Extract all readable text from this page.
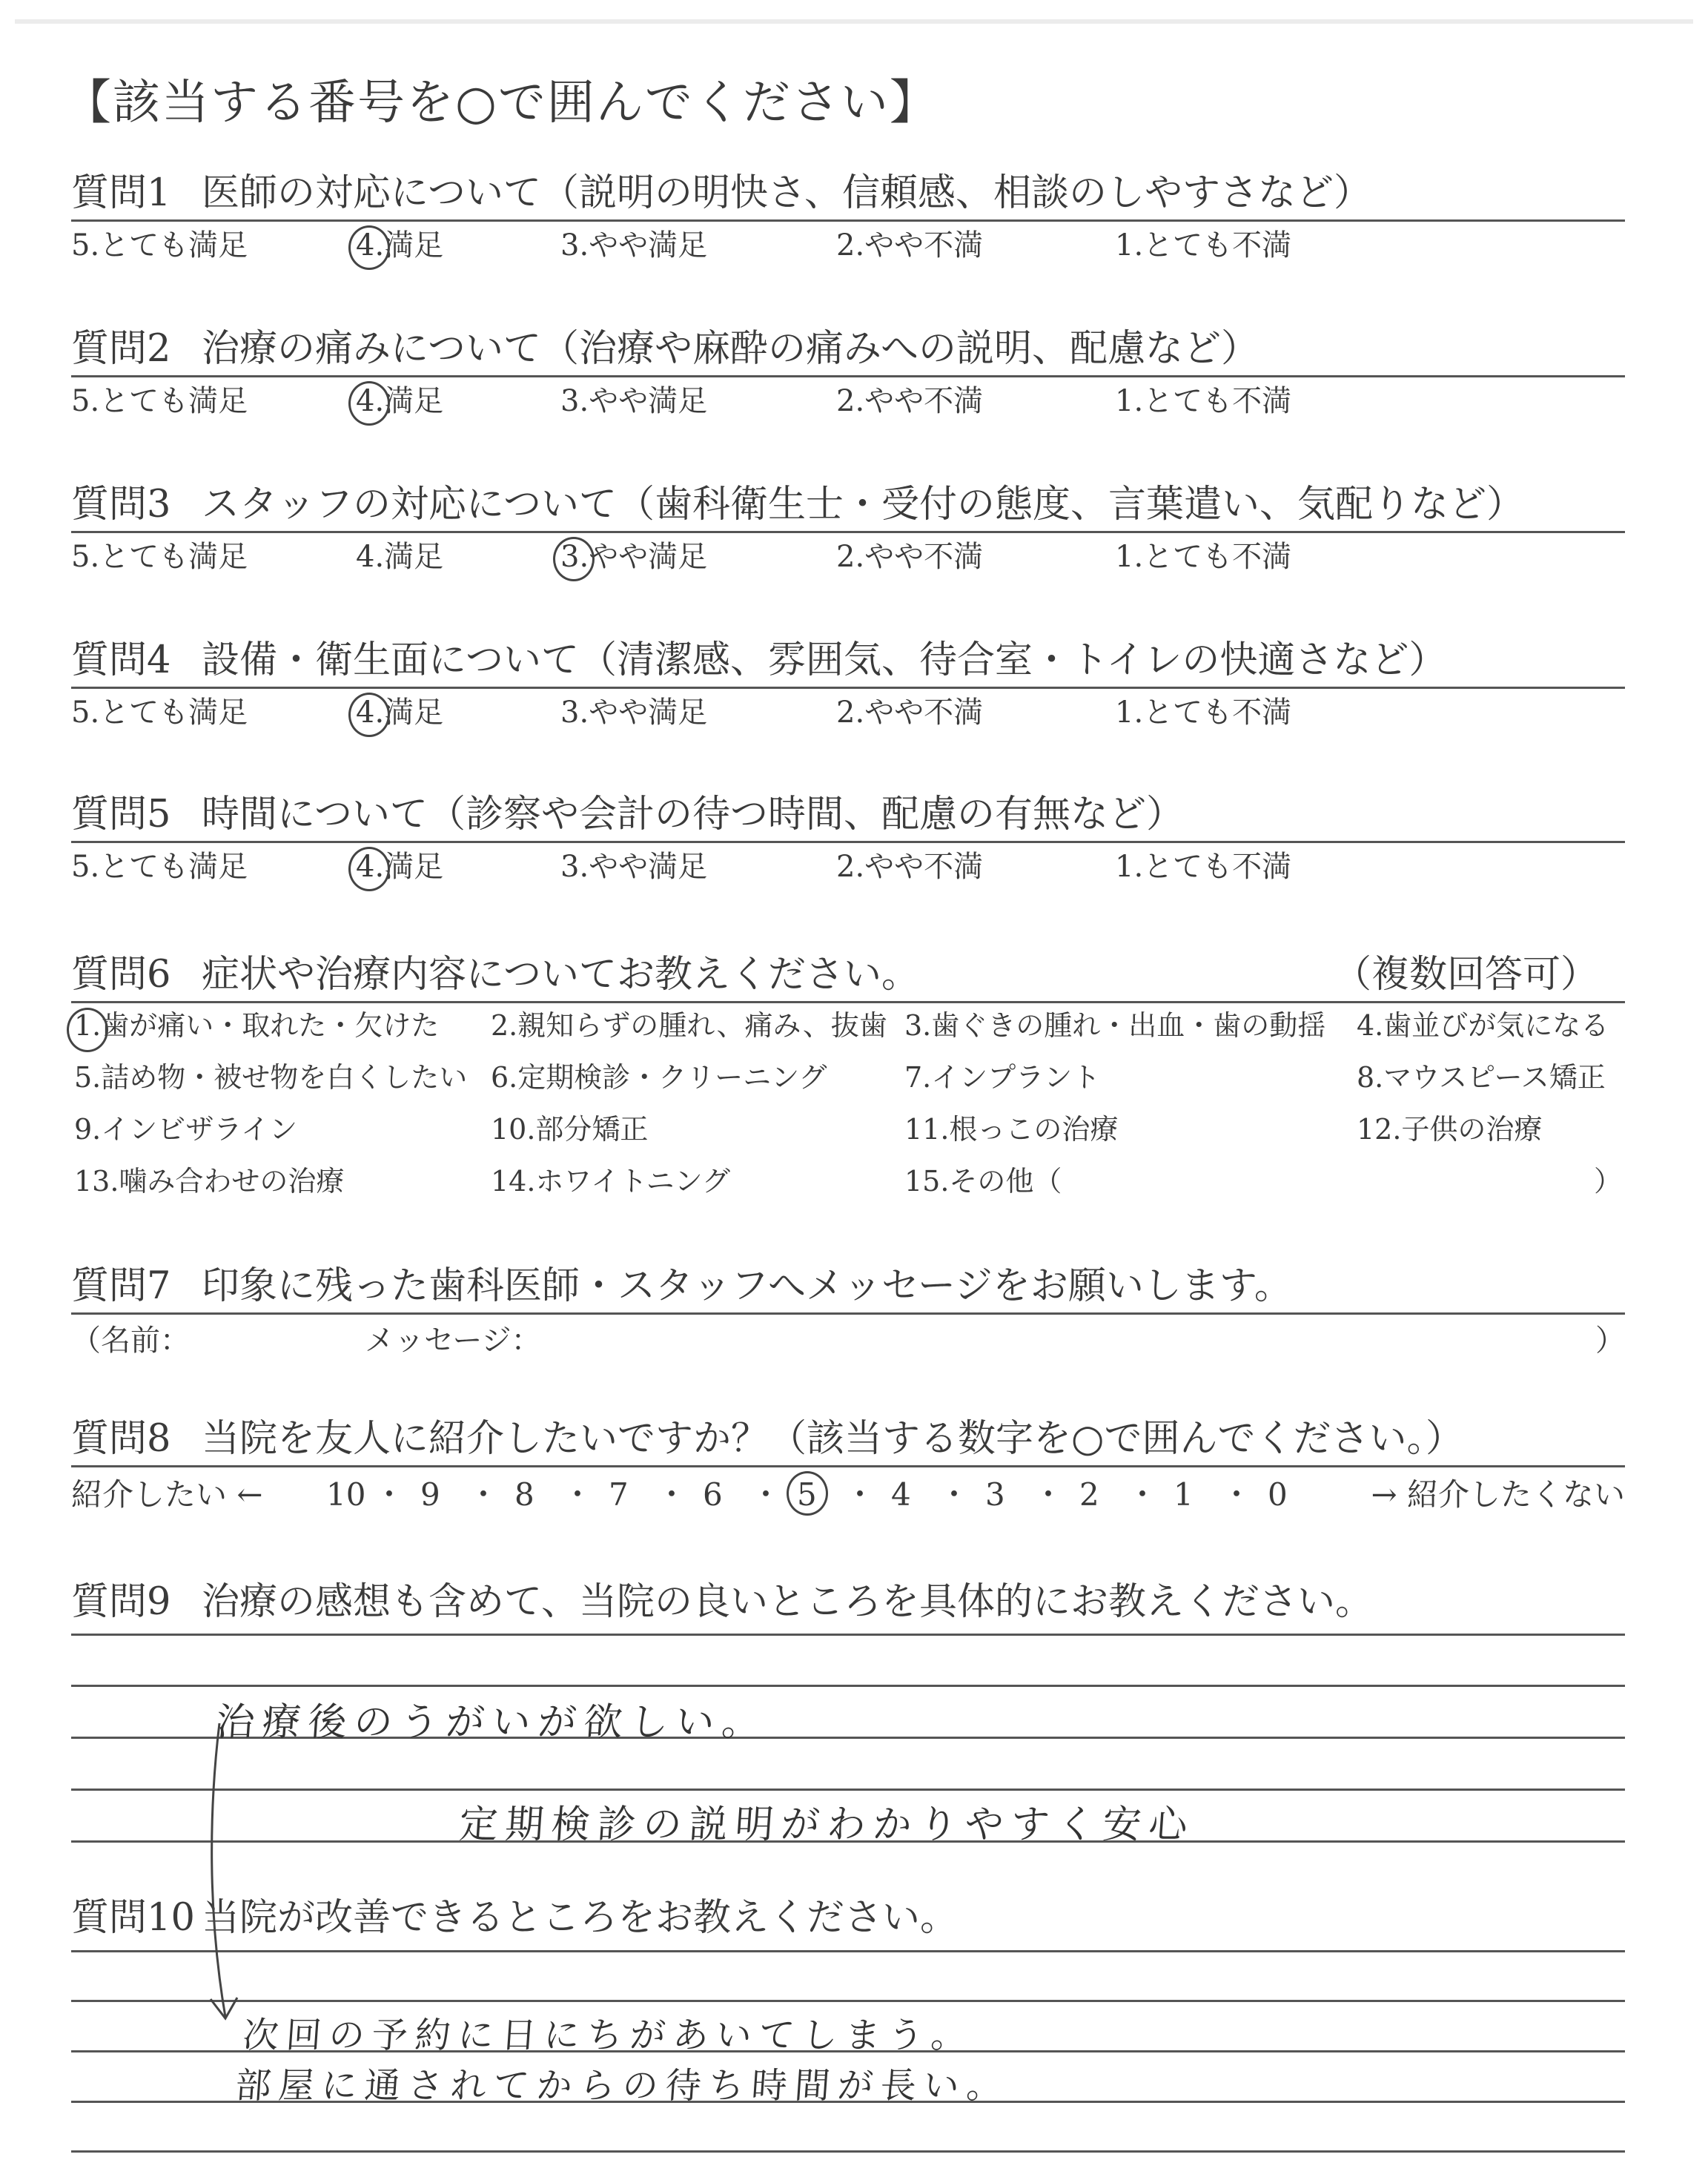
【該当する番号を○で囲んでください】
質問1 医師の対応について（説明の明快さ、信頼感、相談のしやすさなど）
5.とても満足	4.満足	3.やや満足	2.やや不満	1.とても不満
質問2 治療の痛みについて（治療や麻酔の痛みへの説明、配慮など）
5.とても満足	4.満足	3.やや満足	2.やや不満	1.とても不満
質問3 スタッフの対応について（歯科衛生士・受付の態度、言葉遣い、気配りなど）
5.とても満足	4.満足	3.やや満足	2.やや不満	1.とても不満
質問4 設備・衛生面について（清潔感、雰囲気、待合室・トイレの快適さなど）
5.とても満足	4.満足	3.やや満足	2.やや不満	1.とても不満
質問5 時間について（診察や会計の待つ時間、配慮の有無など）
5.とても満足	4.満足	3.やや満足	2.やや不満	1.とても不満
質問6 症状や治療内容についてお教えください。	（複数回答可）
1.歯が痛い・取れた・欠けた 2.親知らずの腫れ、痛み、抜歯 3.歯ぐきの腫れ・出血・歯の動揺 4.歯並びが気になる
5.詰め物・被せ物を白くしたい 6.定期検診・クリーニング	7.インプラント	8.マウスピース矯正
9.インビザライン	10.部分矯正	11.根っこの治療	12.子供の治療
13.噛み合わせの治療	14.ホワイトニング	15.その他（	）
質問7 印象に残った歯科医師・スタッフへメッセージをお願いします。
（名前：	メッセージ：	）
質問8 当院を友人に紹介したいですか？（該当する数字を○で囲んでください。）
紹介したい ←	→ 紹介したくない
10 ・ 9 ・ 8 ・ 7 ・ 6 ・ 5 ・ 4 ・ 3 ・ 2 ・ 1 ・ 0
質問9 治療の感想も含めて、当院の良いところを具体的にお教えください。
治療後のうがいが欲しい。
定期検診の説明がわかりやすく安心
質問10 当院が改善できるところをお教えください。
次回の予約に日にちがあいてしまう。
部屋に通されてからの待ち時間が長い。
